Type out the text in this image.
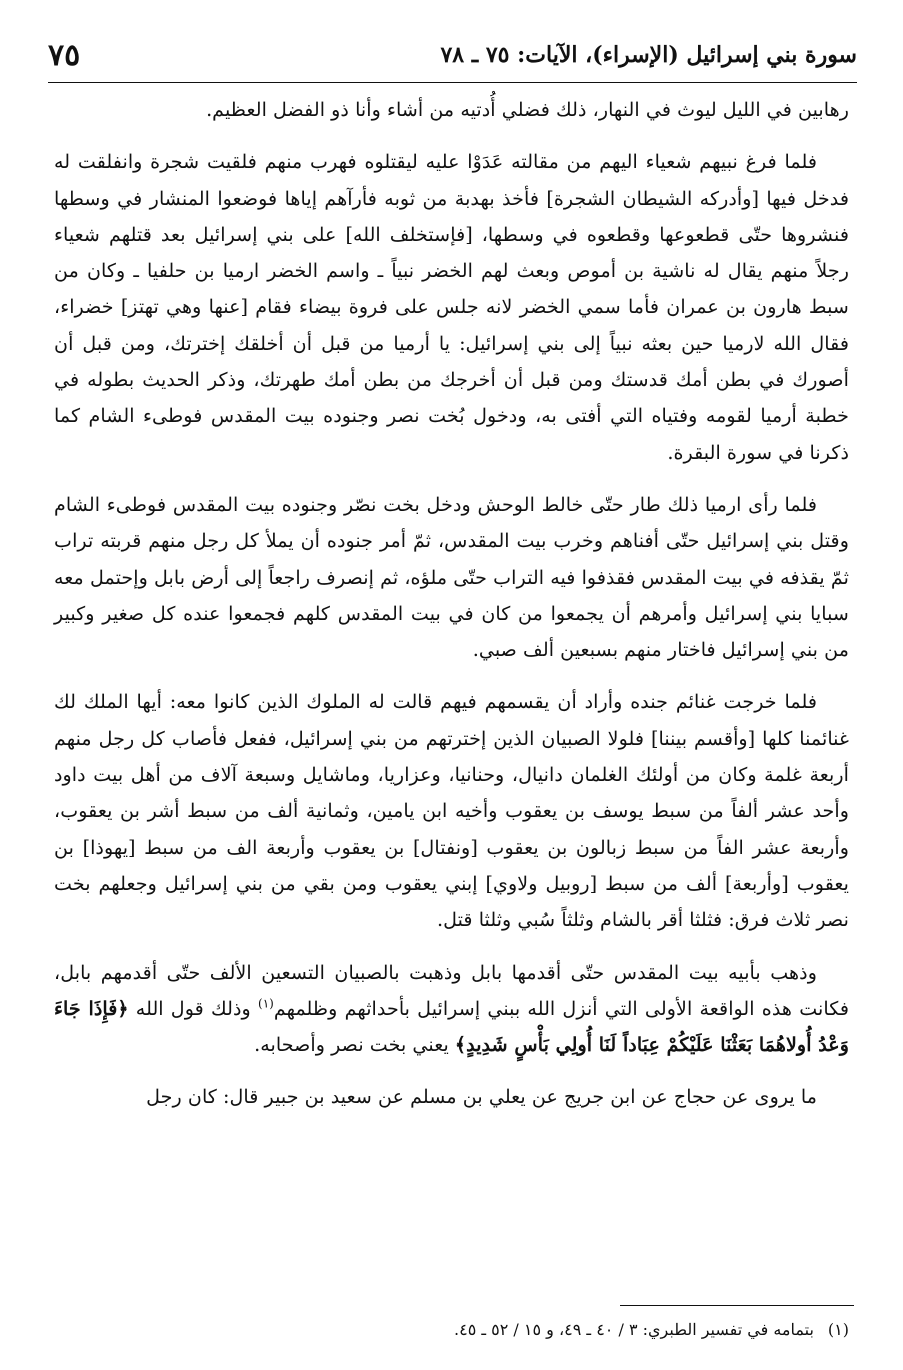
سورة بني إسرائيل (الإسراء)، الآيات: ٧٥ ـ ٧٨
٧٥

رهابين في الليل ليوث في النهار، ذلك فضلي أُدتيه من أشاء وأنا ذو الفضل العظيم.

فلما فرغ نبيهم شعياء اليهم من مقالته عَدَوْا عليه ليقتلوه فهرب منهم فلقيت شجرة وانفلقت له فدخل فيها [وأدركه الشيطان الشجرة] فأخذ بهدبة من ثوبه فأرآهم إياها فوضعوا المنشار في وسطها فنشروها حتّى قطعوعها وقطعوه في وسطها، [فإستخلف الله] على بني إسرائيل بعد قتلهم شعياء رجلاً منهم يقال له ناشية بن أموص وبعث لهم الخضر نبياً ـ واسم الخضر ارميا بن حلفيا ـ وكان من سبط هارون بن عمران فأما سمي الخضر لانه جلس على فروة بيضاء فقام [عنها وهي تهتز] خضراء، فقال الله لارميا حين بعثه نبياً إلى بني إسرائيل: يا أرميا من قبل أن أخلقك إخترتك، ومن قبل أن أصورك في بطن أمك قدستك ومن قبل أن أخرجك من بطن أمك طهرتك، وذكر الحديث بطوله في خطبة أرميا لقومه وفتياه التي أفتى به، ودخول بُخت نصر وجنوده بيت المقدس فوطىء الشام كما ذكرنا في سورة البقرة.

فلما رأى ارميا ذلك طار حتّى خالط الوحش ودخل بخت نصّر وجنوده بيت المقدس فوطىء الشام وقتل بني إسرائيل حتّى أفناهم وخرب بيت المقدس، ثمّ أمر جنوده أن يملأ كل رجل منهم قربته تراب ثمّ يقذفه في بيت المقدس فقذفوا فيه التراب حتّى ملؤه، ثم إنصرف راجعاً إلى أرض بابل وإحتمل معه سبايا بني إسرائيل وأمرهم أن يجمعوا من كان في بيت المقدس كلهم فجمعوا عنده كل صغير وكبير من بني إسرائيل فاختار منهم بسبعين ألف صبي.

فلما خرجت غنائم جنده وأراد أن يقسمهم فيهم قالت له الملوك الذين كانوا معه: أيها الملك لك غنائمنا كلها [وأقسم بيننا] فلولا الصبيان الذين إخترتهم من بني إسرائيل، ففعل فأصاب كل رجل منهم أربعة غلمة وكان من أولئك الغلمان دانيال، وحنانيا، وعزاريا، وماشايل وسبعة آلاف من أهل بيت داود وأحد عشر ألفاً من سبط يوسف بن يعقوب وأخيه ابن يامين، وثمانية ألف من سبط أشر بن يعقوب، وأربعة عشر الفاً من سبط زبالون بن يعقوب [ونفتال] بن يعقوب وأربعة الف من سبط [يهوذا] بن يعقوب [وأربعة] ألف من سبط [روبيل ولاوي] إبني يعقوب ومن بقي من بني إسرائيل وجعلهم بخت نصر ثلاث فرق: فثلثا أقر بالشام وثلثاً سُبي وثلثا قتل.

وذهب بأبيه بيت المقدس حتّى أقدمها بابل وذهبت بالصبيان التسعين الألف حتّى أقدمهم بابل، فكانت هذه الواقعة الأولى التي أنزل الله ببني إسرائيل بأحداثهم وظلمهم$^{(١)}$ وذلك قول الله ﴿فَإِذَا جَاءَ وَعْدُ أُولاهُمَا بَعَثْنَا عَلَيْكُمْ عِبَاداً لَنَا أُولِي بَأْسٍ شَدِيدٍ﴾ يعني بخت نصر وأصحابه.

ما يروى عن حجاج عن ابن جريج عن يعلي بن مسلم عن سعيد بن جبير قال: كان رجل

(١)بتمامه في تفسير الطبري: ٣ / ٤٠ ـ ٤٩، و ١٥ / ٥٢ ـ ٤٥.
